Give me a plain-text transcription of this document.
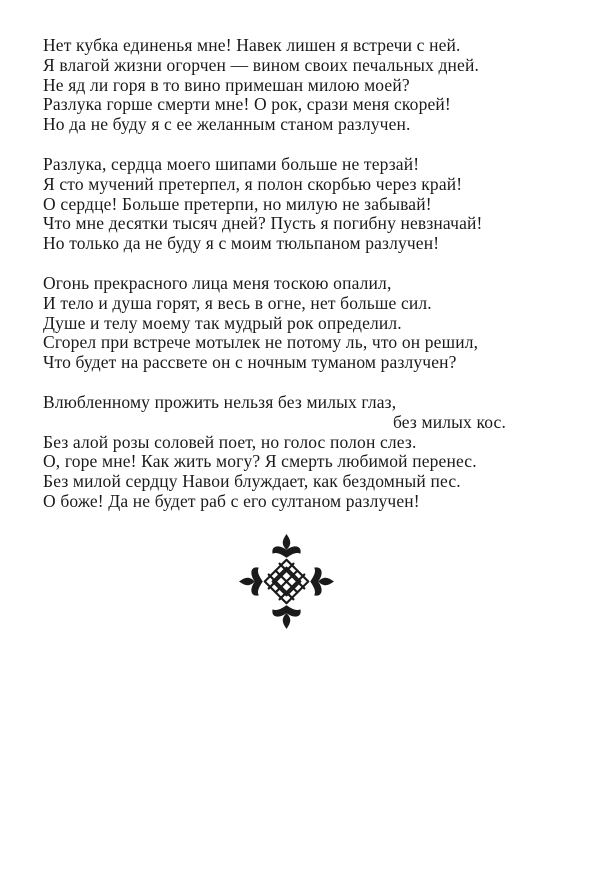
Нет кубка единенья мне! Навек лишен я встречи с ней.
Я влагой жизни огорчен — вином своих печальных дней.
Не яд ли горя в то вино примешан милою моей?
Разлука горше смерти мне! О рок, срази меня скорей!
Но да не буду я с ее желанным станом разлучен.
Разлука, сердца моего шипами больше не терзай!
Я сто мучений претерпел, я полон скорбью через край!
О сердце! Больше претерпи, но милую не забывай!
Что мне десятки тысяч дней? Пусть я погибну невзначай!
Но только да не буду я с моим тюльпаном разлучен!
Огонь прекрасного лица меня тоскою опалил,
И тело и душа горят, я весь в огне, нет больше сил.
Душе и телу моему так мудрый рок определил.
Сгорел при встрече мотылек не потому ль, что он решил,
Что будет на рассвете он с ночным туманом разлучен?
Влюбленному прожить нельзя без милых глаз,
без милых кос.
Без алой розы соловей поет, но голос полон слез.
О, горе мне! Как жить могу? Я смерть любимой перенес.
Без милой сердцу Навои блуждает, как бездомный пес.
О боже! Да не будет раб с его султаном разлучен!
